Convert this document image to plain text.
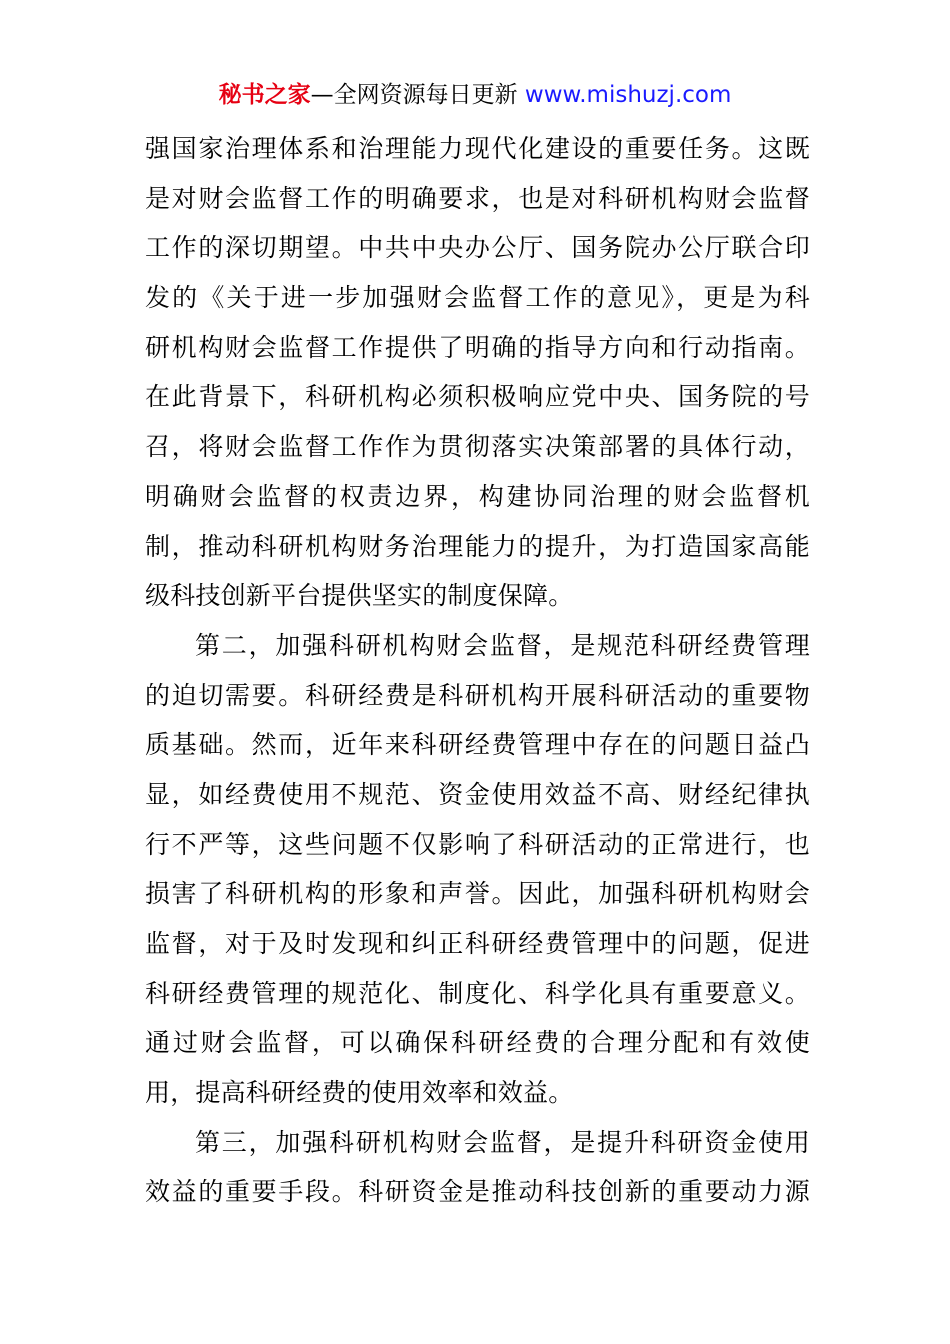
秘书之家—全网资源每日更新 www.mishuzj.com
强国家治理体系和治理能力现代化建设的重要任务。这既
是对财会监督工作的明确要求，也是对科研机构财会监督
工作的深切期望。中共中央办公厅、国务院办公厅联合印
发的《关于进一步加强财会监督工作的意见》，更是为科
研机构财会监督工作提供了明确的指导方向和行动指南。
在此背景下，科研机构必须积极响应党中央、国务院的号
召，将财会监督工作作为贯彻落实决策部署的具体行动，
明确财会监督的权责边界，构建协同治理的财会监督机
制，推动科研机构财务治理能力的提升，为打造国家高能
级科技创新平台提供坚实的制度保障。
第二，加强科研机构财会监督，是规范科研经费管理
的迫切需要。科研经费是科研机构开展科研活动的重要物
质基础。然而，近年来科研经费管理中存在的问题日益凸
显，如经费使用不规范、资金使用效益不高、财经纪律执
行不严等，这些问题不仅影响了科研活动的正常进行，也
损害了科研机构的形象和声誉。因此，加强科研机构财会
监督，对于及时发现和纠正科研经费管理中的问题，促进
科研经费管理的规范化、制度化、科学化具有重要意义。
通过财会监督，可以确保科研经费的合理分配和有效使
用，提高科研经费的使用效率和效益。
第三，加强科研机构财会监督，是提升科研资金使用
效益的重要手段。科研资金是推动科技创新的重要动力源
